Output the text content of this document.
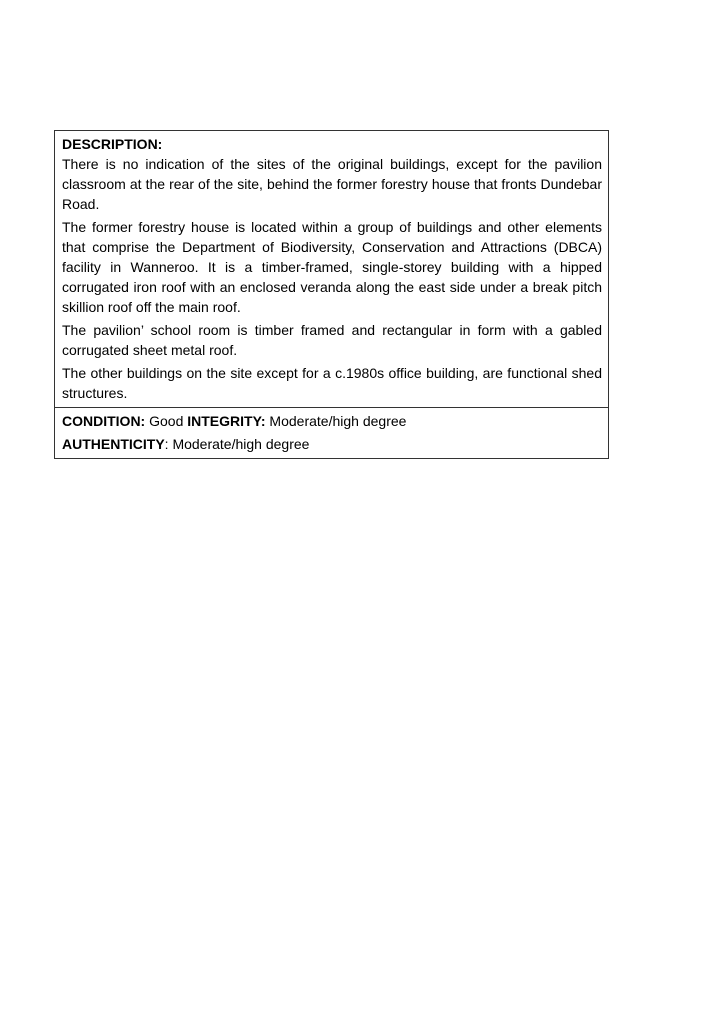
DESCRIPTION:

There is no indication of the sites of the original buildings, except for the pavilion classroom at the rear of the site, behind the former forestry house that fronts Dundebar Road.

The former forestry house is located within a group of buildings and other elements that comprise the Department of Biodiversity, Conservation and Attractions (DBCA) facility in Wanneroo. It is a timber-framed, single-storey building with a hipped corrugated iron roof with an enclosed veranda along the east side under a break pitch skillion roof off the main roof.

The pavilion’ school room is timber framed and rectangular in form with a gabled corrugated sheet metal roof.

The other buildings on the site except for a c.1980s office building, are functional shed structures.

CONDITION: Good INTEGRITY: Moderate/high degree
AUTHENTICITY: Moderate/high degree
